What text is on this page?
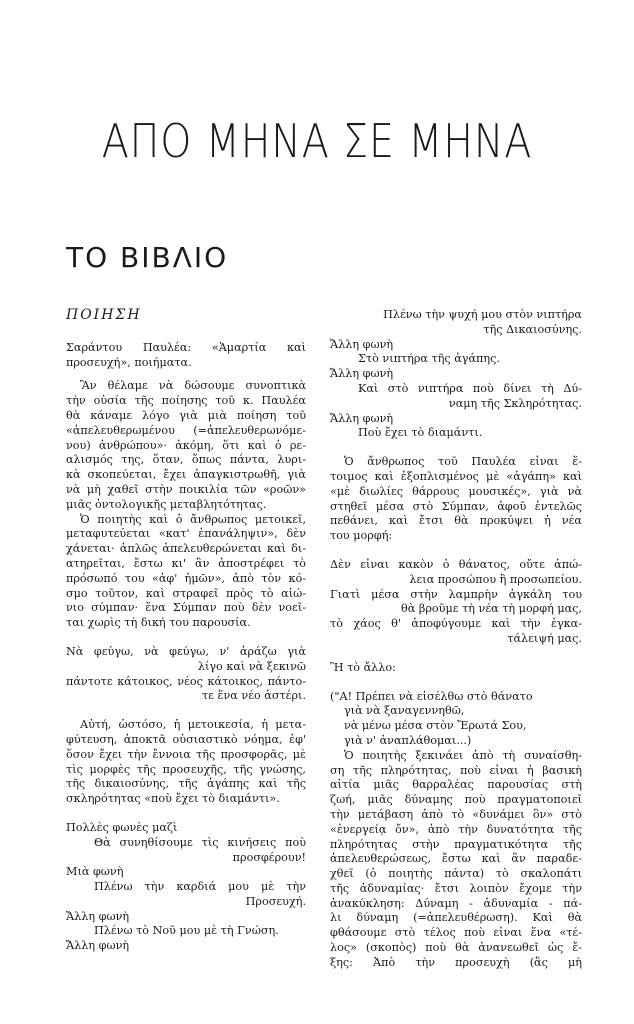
ΑΠΟ ΜΗΝΑ ΣΕ ΜΗΝΑ
ΤΟ ΒΙΒΛΙΟ
ΠΟΙΗΣΗ
Σαράντου Παυλέα: «Ἁμαρτία καὶ
προσευχή», ποιήματα.
Ἂν θέλαμε νὰ δώσουμε συνοπτικὰ
τὴν οὐσία τῆς ποίησης τοῦ κ. Παυλέα
θὰ κάναμε λόγο γιὰ μιὰ ποίηση τοῦ
«ἀπελευθερωμένου (=ἀπελευθερωνόμε-
νου) ἀνθρώπου»· ἀκόμη, ὅτι καὶ ὁ ρε-
αλισμός της, ὅταν, ὅπως πάντα, λυρι-
κὰ σκοπεύεται, ἔχει ἀπαγκιστρωθῆ, γιὰ
νὰ μὴ χαθεῖ στὴν ποικιλία τῶν «ροῶν»
μιᾶς ὀντολογικῆς μεταβλητότητας.
Ὁ ποιητὴς καὶ ὁ ἄνθρωπος μετοικεῖ,
μεταφυτεύεται «κατ' ἐπανάληψιν», δὲν
χάνεται· ἁπλῶς ἀπελευθερώνεται καὶ δι-
ατηρεῖται, ἔστω κι' ἂν ἀποστρέφει τὸ
πρόσωπό του «ἀφ' ἡμῶν», ἀπὸ τὸν κό-
σμο τοῦτον, καὶ στραφεῖ πρὸς τὸ αἰώ-
νιο σύμπαν· ἕνα Σύμπαν ποὺ δὲν νοεῖ-
ται χωρὶς τὴ δική του παρουσία.
Νὰ φεύγω, νὰ φεύγω, ν' ἀράζω γιὰ
λίγο καὶ νὰ ξεκινῶ
πάντοτε κάτοικος, νέος κάτοικος, πάντο-
τε ἕνα νέο ἀστέρι.
Αὐτή, ὡστόσο, ἡ μετοικεσία, ἡ μετα-
φύτευση, ἀποκτᾶ οὐσιαστικὸ νόημα, ἐφ'
ὅσον ἔχει τὴν ἔννοια τῆς προσφορᾶς, μὲ
τὶς μορφὲς τῆς προσευχῆς, τῆς γνώσης,
τῆς δικαιοσύνης, τῆς ἀγάπης καὶ τῆς
σκληρότητας «ποὺ ἔχει τὸ διαμάντι».
Πολλὲς φωνὲς μαζὶ
Θὰ συνηθίσουμε τὶς κινήσεις ποὺ
προσφέρουν!
Μιὰ φωνὴ
Πλένω τὴν καρδιά μου μὲ τὴν
Προσευχή.
Ἄλλη φωνὴ
Πλένω τὸ Νοῦ μου μὲ τὴ Γνώση.
Ἄλλη φωνὴ
Πλένω τὴν ψυχή μου στὸν νιπτήρα
τῆς Δικαιοσύνης.
Ἄλλη φωνὴ
Στὸ νιπτήρα τῆς ἀγάπης.
Ἄλλη φωνὴ
Καὶ στὸ νιπτήρα ποὺ δίνει τὴ Δύ-
ναμη τῆς Σκληρότητας.
Ἄλλη φωνὴ
Ποὺ ἔχει τὸ διαμάντι.
Ὁ ἄνθρωπος τοῦ Παυλέα εἶναι ἕ-
τοιμος καὶ ἐξοπλισμένος μὲ «ἀγάπη» καὶ
«μὲ διωλίες θάρρους μουσικές», γιὰ νὰ
στηθεῖ μέσα στὸ Σύμπαν, ἀφοῦ ἐντελῶς
πεθάνει, καὶ ἔτσι θὰ προκύψει ἡ νέα
του μορφή:
Δὲν εἶναι κακὸν ὁ θάνατος, οὔτε ἀπώ-
λεια προσώπου ἢ προσωπείου.
Γιατὶ μέσα στὴν λαμπρὴν ἀγκάλη του
θὰ βροῦμε τὴ νέα τὴ μορφή μας,
τὸ χάος θ' ἀποφύγουμε καὶ τὴν ἐγκα-
τάλειψή μας.
Ἢ τὸ ἄλλο:
("Α! Πρέπει νὰ εἰσέλθω στὸ θάνατο
γιὰ νὰ ξαναγεννηθῶ,
νὰ μένω μέσα στὸν Ἔρωτά Σου,
γιὰ ν' ἀναπλάθομαι...)
Ὁ ποιητὴς ξεκινάει ἀπὸ τὴ συναίσθη-
ση τῆς πληρότητας, ποὺ εἶναι ἡ βασικὴ
αἰτία μιᾶς θαρραλέας παρουσίας στὴ
ζωή, μιᾶς δύναμης ποὺ πραγματοποιεῖ
τὴν μετάβαση ἀπὸ τὸ «δυνάμει ὂν» στὸ
«ἐνεργείᾳ ὄν», ἀπὸ τὴν δυνατότητα τῆς
πληρότητας στὴν πραγματικότητα τῆς
ἀπελευθερώσεως, ἔστω καὶ ἂν παραδε-
χθεῖ (ὁ ποιητὴς πάντα) τὸ σκαλοπάτι
τῆς ἀδυναμίας· ἔτσι λοιπὸν ἔχομε τὴν
ἀνακύκληση: Δύναμη - ἀδυναμία - πά-
λι δύναμη (=ἀπελευθέρωση). Καὶ θὰ
φθάσουμε στὸ τέλος ποὺ εἶναι ἕνα «τέ-
λος» (σκοπὸς) ποὺ θὰ ἀνανεωθεῖ ὡς ἔ-
ξης: Ἀπὸ τὴν προσευχὴ (ἂς μὴ
